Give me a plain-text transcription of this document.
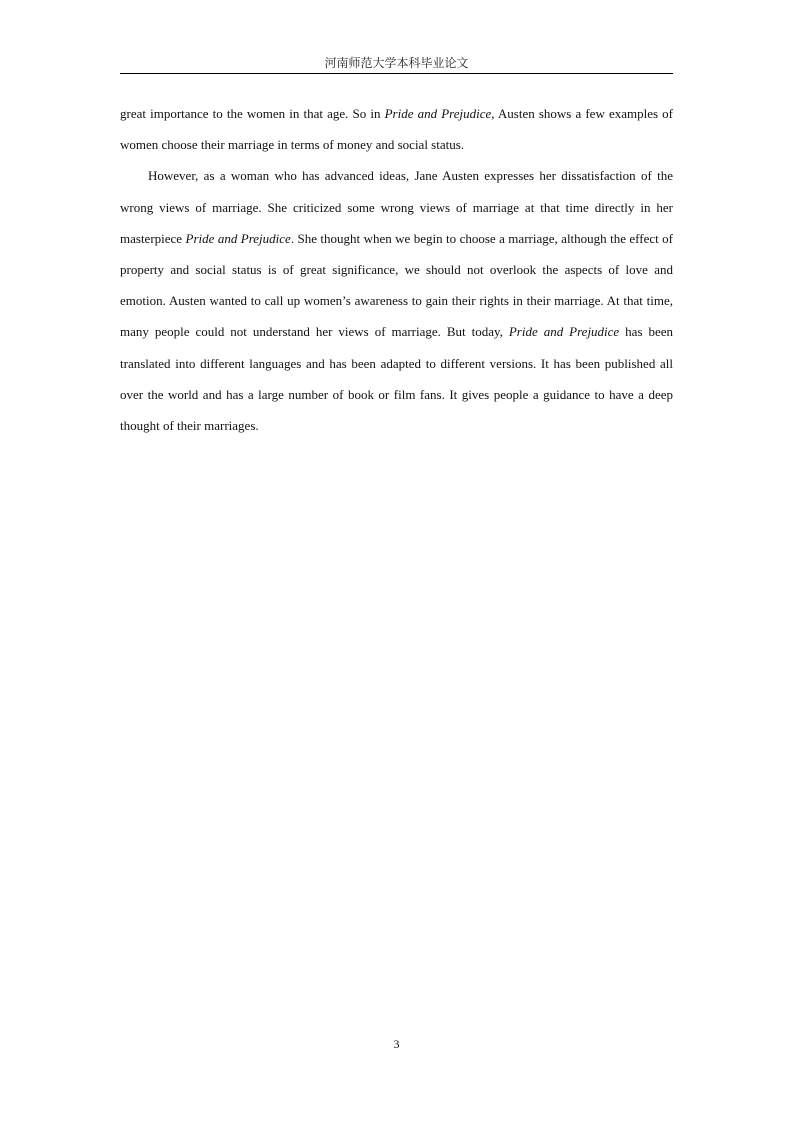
河南师范大学本科毕业论文

great importance to the women in that age. So in Pride and Prejudice, Austen shows a few examples of women choose their marriage in terms of money and social status.

However, as a woman who has advanced ideas, Jane Austen expresses her dissatisfaction of the wrong views of marriage. She criticized some wrong views of marriage at that time directly in her masterpiece Pride and Prejudice. She thought when we begin to choose a marriage, although the effect of property and social status is of great significance, we should not overlook the aspects of love and emotion. Austen wanted to call up women’s awareness to gain their rights in their marriage. At that time, many people could not understand her views of marriage. But today, Pride and Prejudice has been translated into different languages and has been adapted to different versions. It has been published all over the world and has a large number of book or film fans. It gives people a guidance to have a deep thought of their marriages.

3
